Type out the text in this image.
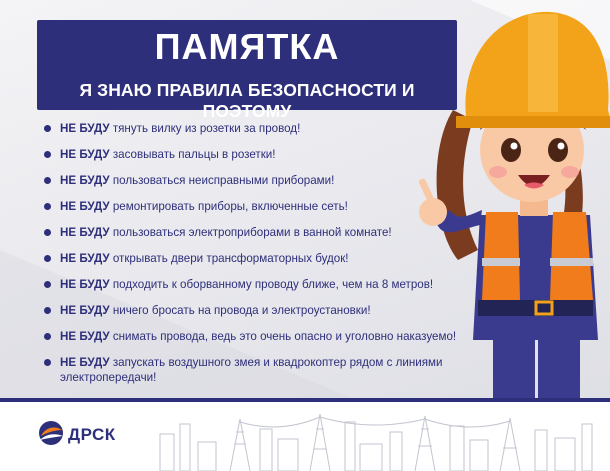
ПАМЯТКА
Я ЗНАЮ ПРАВИЛА БЕЗОПАСНОСТИ И ПОЭТОМУ
НЕ БУДУ тянуть вилку из розетки за провод!
НЕ БУДУ засовывать пальцы в розетки!
НЕ БУДУ пользоваться неисправными приборами!
НЕ БУДУ ремонтировать приборы, включенные сеть!
НЕ БУДУ пользоваться электроприборами в ванной комнате!
НЕ БУДУ открывать двери трансформаторных будок!
НЕ БУДУ подходить к оборванному проводу ближе, чем на 8 метров!
НЕ БУДУ ничего бросать на провода и электроустановки!
НЕ БУДУ снимать провода, ведь это очень опасно и уголовно наказуемо!
НЕ БУДУ запускать воздушного змея и квадрокоптер рядом с линиями электропередачи!
ДРСК
